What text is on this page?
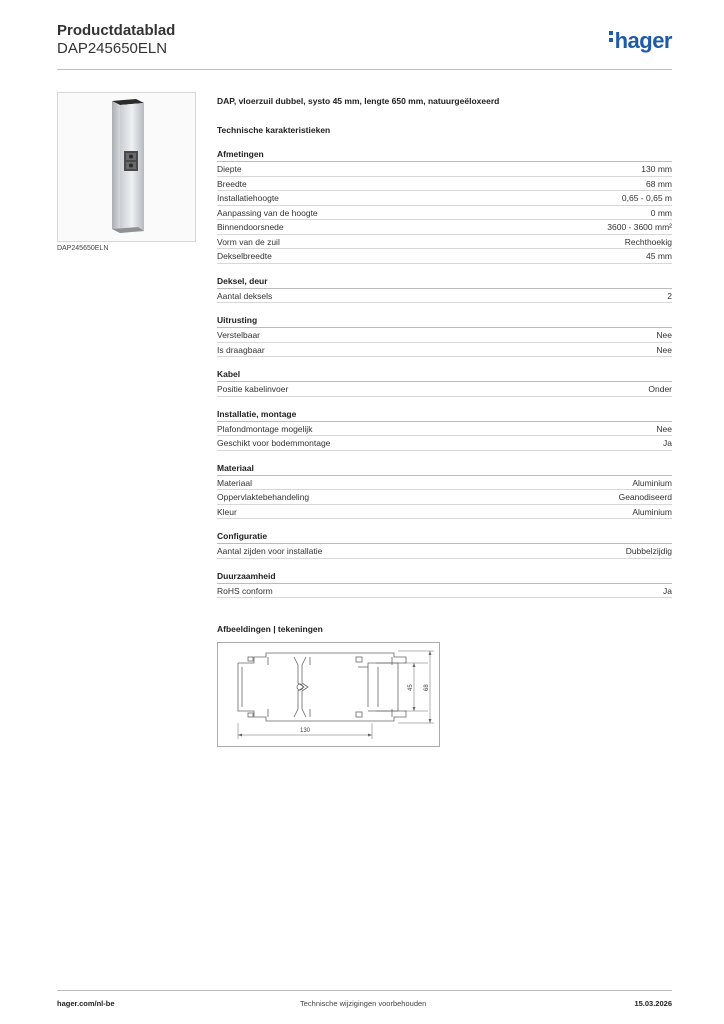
Productdatablad
DAP245650ELN	hager
DAP245650ELN
DAP, vloerzuil dubbel, systo 45 mm, lengte 650 mm, natuurgeëloxeerd
Technische karakteristieken
Afmetingen
Diepte	130 mm
Breedte	68 mm
Installatiehoogte	0,65 - 0,65 m
Aanpassing van de hoogte	0 mm
Binnendoorsnede	3600 - 3600 mm²
Vorm van de zuil	Rechthoekig
Dekselbreedte	45 mm
Deksel, deur
Aantal deksels	2
Uitrusting
Verstelbaar	Nee
Is draagbaar	Nee
Kabel
Positie kabelinvoer	Onder
Installatie, montage
Plafondmontage mogelijk	Nee
Geschikt voor bodemmontage	Ja
Materiaal
Materiaal	Aluminium
Oppervlaktebehandeling	Geanodiseerd
Kleur	Aluminium
Configuratie
Aantal zijden voor installatie	Dubbelzijdig
Duurzaamheid
RoHS conform	Ja
Afbeeldingen | tekeningen
130
45 68
hager.com/nl-be	Technische wijzigingen voorbehouden	15.03.2026
